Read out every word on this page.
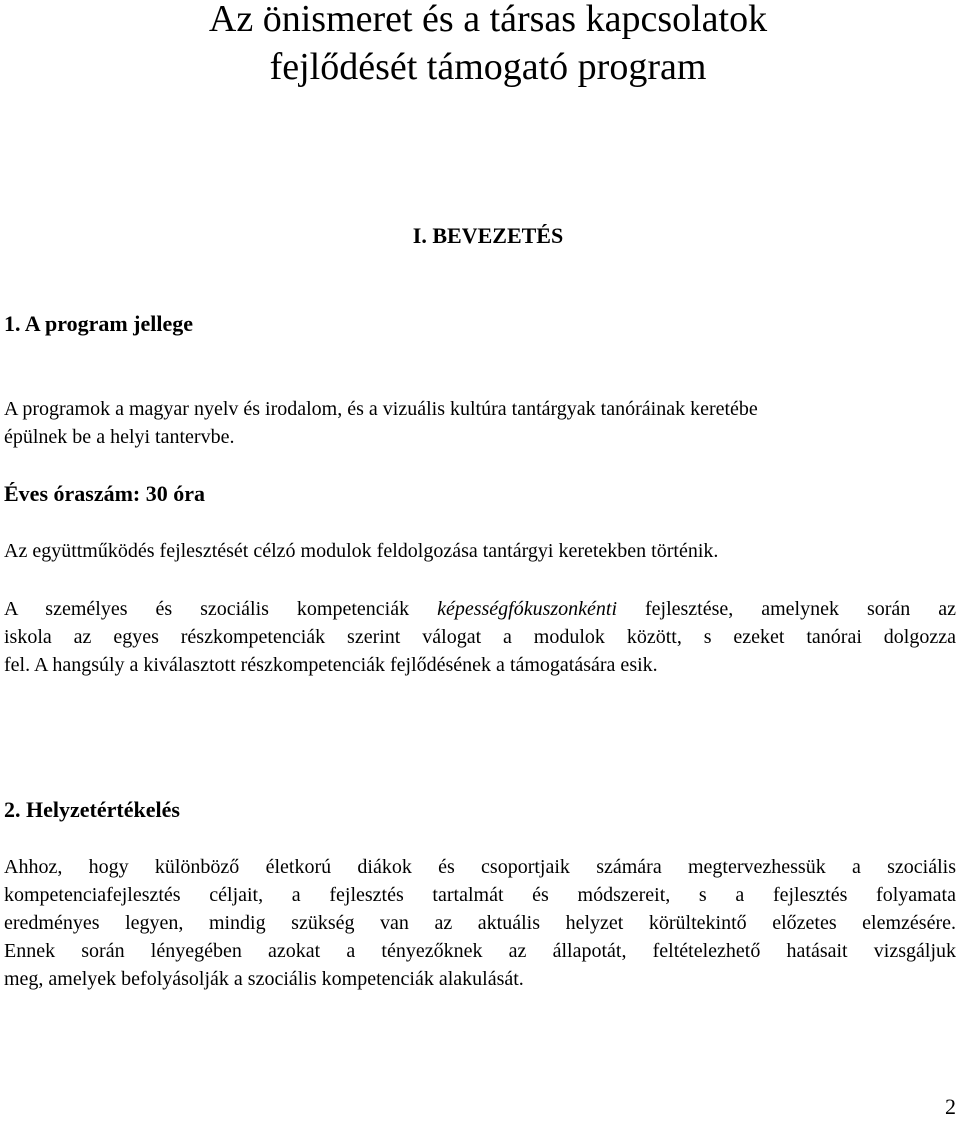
Az önismeret és a társas kapcsolatok
fejlődését támogató program
I. BEVEZETÉS
1. A program jellege

A programok a magyar nyelv és irodalom, és a vizuális kultúra tantárgyak tanóráinak keretébe
épülnek be a helyi tantervbe.

Éves óraszám: 30 óra

Az együttműködés fejlesztését célzó modulok feldolgozása tantárgyi keretekben történik.

A személyes és szociális kompetenciák képességfókuszonkénti fejlesztése, amelynek során az
iskola az egyes részkompetenciák szerint válogat a modulok között, s ezeket tanórai dolgozza
fel. A hangsúly a kiválasztott részkompetenciák fejlődésének a támogatására esik.

2. Helyzetértékelés

Ahhoz, hogy különböző életkorú diákok és csoportjaik számára megtervezhessük a szociális
kompetenciafejlesztés céljait, a fejlesztés tartalmát és módszereit, s a fejlesztés folyamata
eredményes legyen, mindig szükség van az aktuális helyzet körültekintő előzetes elemzésére.
Ennek során lényegében azokat a tényezőknek az állapotát, feltételezhető hatásait vizsgáljuk
meg, amelyek befolyásolják a szociális kompetenciák alakulását.

2
